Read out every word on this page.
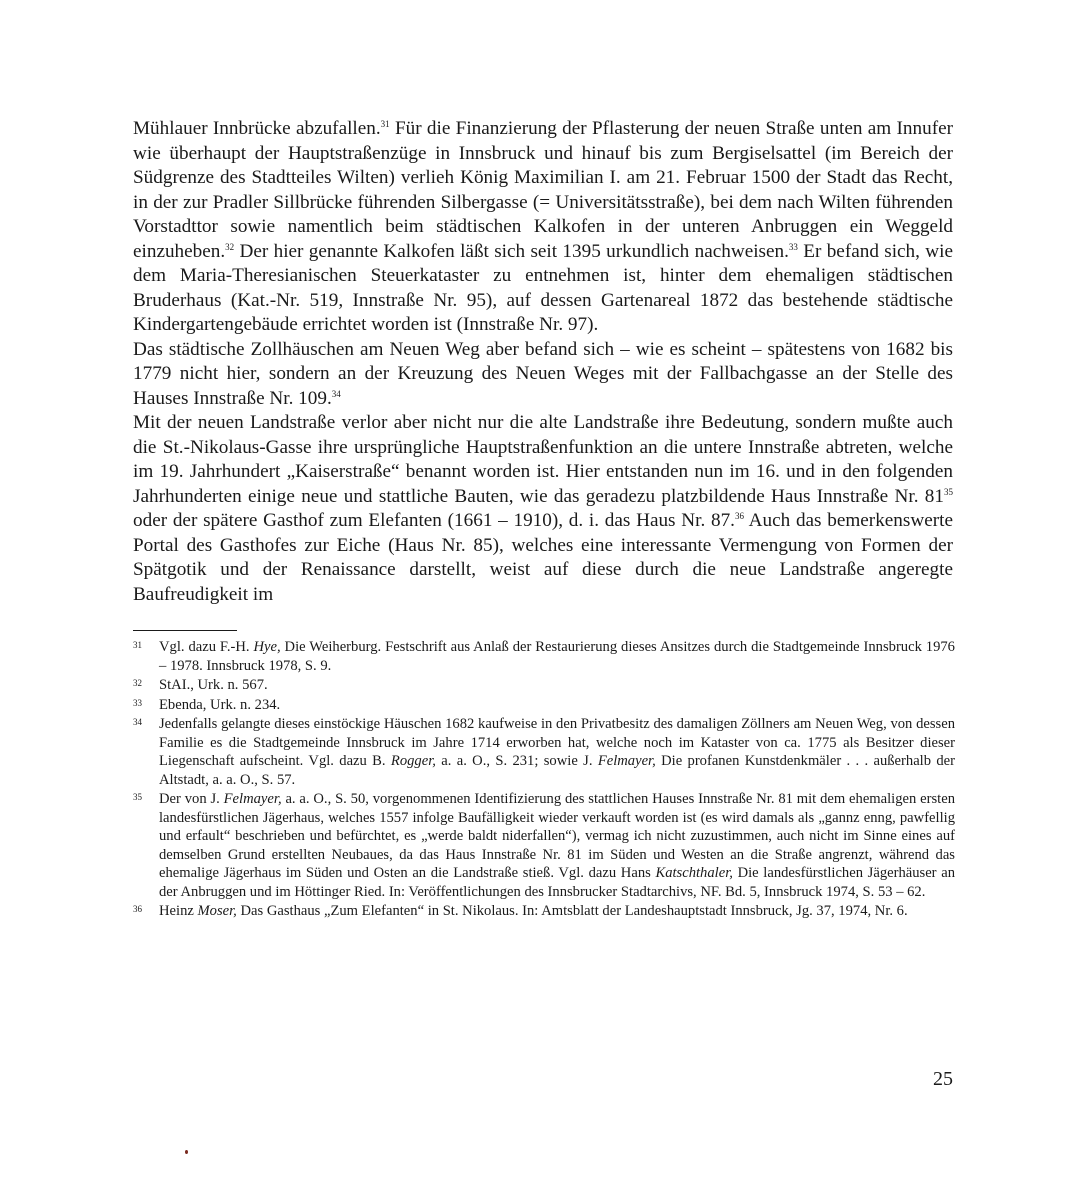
Mühlauer Innbrücke abzufallen.$^{31}$ Für die Finanzierung der Pflasterung der neuen Straße unten am Innufer wie überhaupt der Hauptstraßenzüge in Innsbruck und hinauf bis zum Bergiselsattel (im Bereich der Südgrenze des Stadtteiles Wilten) verlieh König Maximilian I. am 21. Februar 1500 der Stadt das Recht, in der zur Pradler Sillbrücke führenden Silbergasse (= Universitätsstraße), bei dem nach Wilten führenden Vorstadttor sowie namentlich beim städtischen Kalkofen in der unteren Anbruggen ein Weggeld einzuheben.$^{32}$ Der hier genannte Kalkofen läßt sich seit 1395 urkundlich nachweisen.$^{33}$ Er befand sich, wie dem Maria-Theresianischen Steuerkataster zu entnehmen ist, hinter dem ehemaligen städtischen Bruderhaus (Kat.-Nr. 519, Innstraße Nr. 95), auf dessen Gartenareal 1872 das bestehende städtische Kindergartengebäude errichtet worden ist (Innstraße Nr. 97).

Das städtische Zollhäuschen am Neuen Weg aber befand sich – wie es scheint – spätestens von 1682 bis 1779 nicht hier, sondern an der Kreuzung des Neuen Weges mit der Fallbachgasse an der Stelle des Hauses Innstraße Nr. 109.34

Mit der neuen Landstraße verlor aber nicht nur die alte Landstraße ihre Bedeutung, sondern mußte auch die St.-Nikolaus-Gasse ihre ursprüngliche Hauptstraßenfunktion an die untere Innstraße abtreten, welche im 19. Jahrhundert „Kaiserstraße“ benannt worden ist. Hier entstanden nun im 16. und in den folgenden Jahrhunderten einige neue und stattliche Bauten, wie das geradezu platzbildende Haus Innstraße Nr. $81^{35}$ oder der spätere Gasthof zum Elefanten (1661 – 1910), d. i. das Haus Nr. 87.36 Auch das bemerkenswerte Portal des Gasthofes zur Eiche (Haus Nr. 85), welches eine interessante Vermengung von Formen der Spätgotik und der Renaissance darstellt, weist auf diese durch die neue Landstraße angeregte Baufreudigkeit im

31	Vgl. dazu F.-H. Hye, Die Weiherburg. Festschrift aus Anlaß der Restaurierung dieses Ansitzes durch die Stadtgemeinde Innsbruck 1976 – 1978. Innsbruck 1978, S. 9.
32	StAI., Urk. n. 567.
33	Ebenda, Urk. n. 234.
34	Jedenfalls gelangte dieses einstöckige Häuschen 1682 kaufweise in den Privatbesitz des damaligen Zöllners am Neuen Weg, von dessen Familie es die Stadtgemeinde Innsbruck im Jahre 1714 erworben hat, welche noch im Kataster von ca. 1775 als Besitzer dieser Liegenschaft aufscheint. Vgl. dazu B. Rogger, a. a. O., S. 231; sowie J. Felmayer, Die profanen Kunstdenkmäler . . . außerhalb der Altstadt, a. a. O., S. 57.
35	Der von J. Felmayer, a. a. O., S. 50, vorgenommenen Identifizierung des stattlichen Hauses Innstraße Nr. 81 mit dem ehemaligen ersten landesfürstlichen Jägerhaus, welches 1557 infolge Baufälligkeit wieder verkauft worden ist (es wird damals als „gannz enng, pawfellig und erfault“ beschrieben und befürchtet, es „werde baldt niderfallen“), vermag ich nicht zuzustimmen, auch nicht im Sinne eines auf demselben Grund erstellten Neubaues, da das Haus Innstraße Nr. 81 im Süden und Westen an die Straße angrenzt, während das ehemalige Jägerhaus im Süden und Osten an die Landstraße stieß. Vgl. dazu Hans Katschthaler, Die landesfürstlichen Jägerhäuser an der Anbruggen und im Höttinger Ried. In: Veröffentlichungen des Innsbrucker Stadtarchivs, NF. Bd. 5, Innsbruck 1974, S. 53 – 62.
36	Heinz Moser, Das Gasthaus „Zum Elefanten“ in St. Nikolaus. In: Amtsblatt der Landeshauptstadt Innsbruck, Jg. 37, 1974, Nr. 6.
25
